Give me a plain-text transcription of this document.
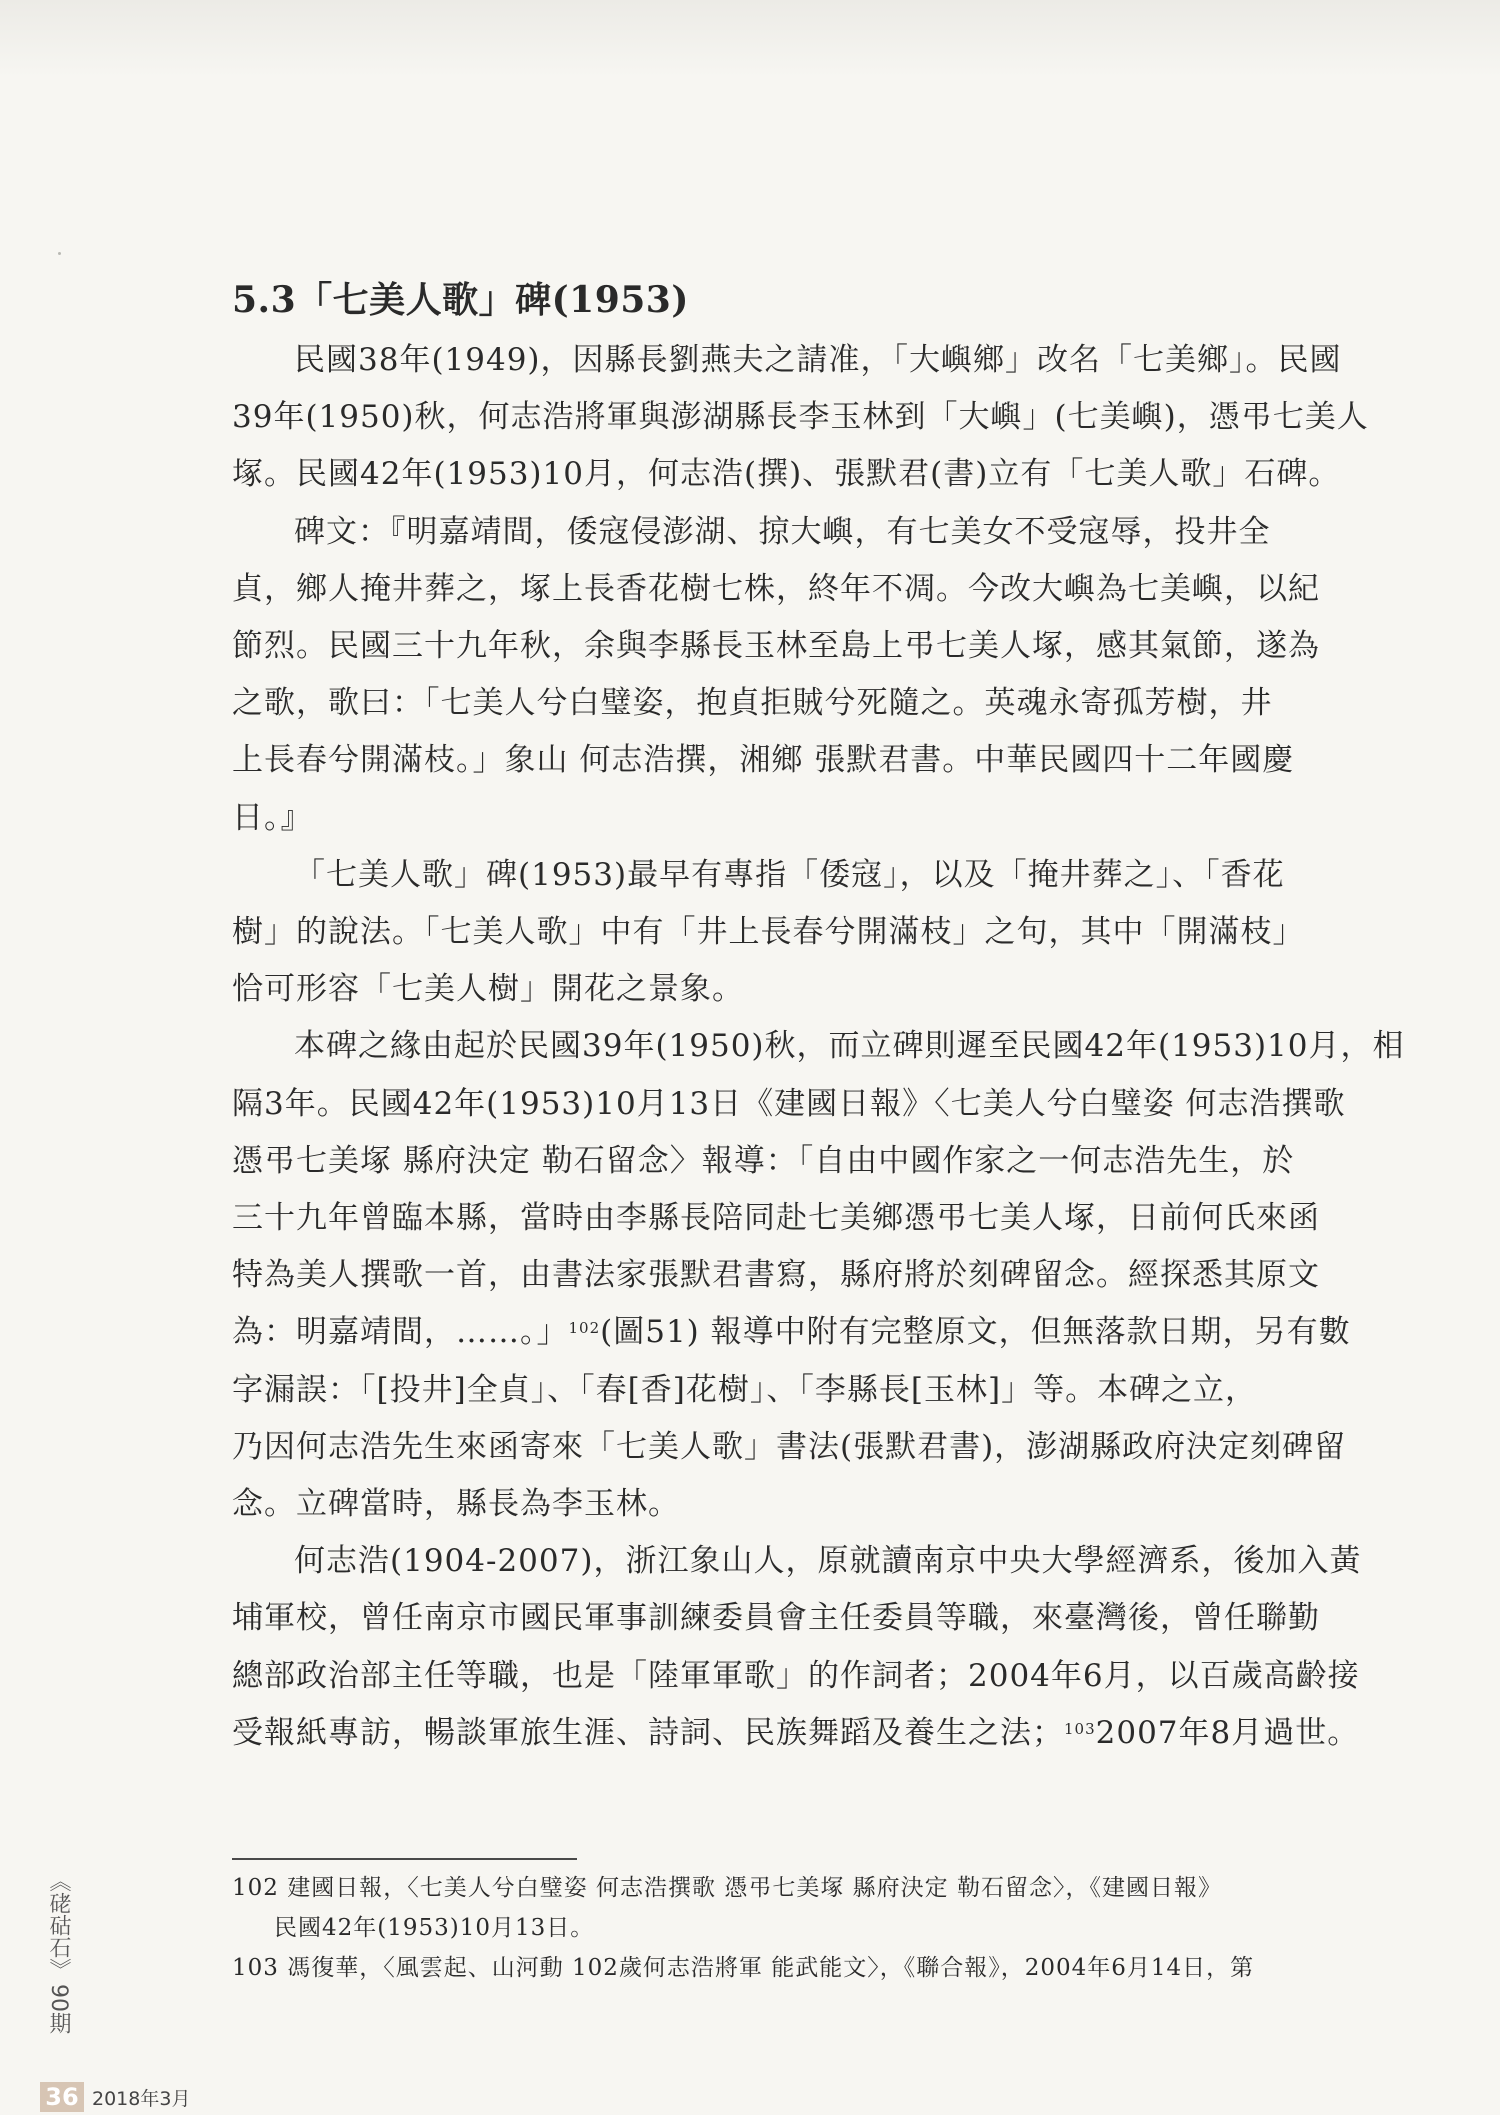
5.3「七美人歌」碑(1953)

民國38年(1949)，因縣長劉燕夫之請准，「大嶼鄉」改名「七美鄉」。民國
39年(1950)秋，何志浩將軍與澎湖縣長李玉林到「大嶼」(七美嶼)，憑弔七美人
塚。民國42年(1953)10月，何志浩(撰)、張默君(書)立有「七美人歌」石碑。

碑文：『明嘉靖間，倭寇侵澎湖、掠大嶼，有七美女不受寇辱，投井全
貞，鄉人掩井葬之，塚上長香花樹七株，終年不凋。今改大嶼為七美嶼，以紀
節烈。民國三十九年秋，余與李縣長玉林至島上弔七美人塚，感其氣節，遂為
之歌，歌曰：「七美人兮白璧姿，抱貞拒賊兮死隨之。英魂永寄孤芳樹，井
上長春兮開滿枝。」象山 何志浩撰，湘鄉 張默君書。中華民國四十二年國慶
日。』

「七美人歌」碑(1953)最早有專指「倭寇」，以及「掩井葬之」、「香花
樹」的說法。「七美人歌」中有「井上長春兮開滿枝」之句，其中「開滿枝」
恰可形容「七美人樹」開花之景象。

本碑之緣由起於民國39年(1950)秋，而立碑則遲至民國42年(1953)10月，相
隔3年。民國42年(1953)10月13日《建國日報》〈七美人兮白璧姿 何志浩撰歌
憑弔七美塚 縣府決定 勒石留念〉報導：「自由中國作家之一何志浩先生，於
三十九年曾臨本縣，當時由李縣長陪同赴七美鄉憑弔七美人塚，日前何氏來函
特為美人撰歌一首，由書法家張默君書寫，縣府將於刻碑留念。經探悉其原文
為：明嘉靖間，……。」$^{102}$(圖51) 報導中附有完整原文，但無落款日期，另有數
字漏誤：「[投井]全貞」、「春[香]花樹」、「李縣長[玉林]」等。本碑之立，
乃因何志浩先生來函寄來「七美人歌」書法(張默君書)，澎湖縣政府決定刻碑留
念。立碑當時，縣長為李玉林。

何志浩(1904-2007)，浙江象山人，原就讀南京中央大學經濟系，後加入黃
埔軍校，曾任南京市國民軍事訓練委員會主任委員等職，來臺灣後，曾任聯勤
總部政治部主任等職，也是「陸軍軍歌」的作詞者；2004年6月，以百歲高齡接
受報紙專訪，暢談軍旅生涯、詩詞、民族舞蹈及養生之法；$^{103}$2007年8月過世。

102 建國日報，〈七美人兮白璧姿 何志浩撰歌 憑弔七美塚 縣府決定 勒石留念〉，《建國日報》

民國42年(1953)10月13日。

103 馮復華，〈風雲起、山河動 102歲何志浩將軍 能武能文〉，《聯合報》，2004年6月14日，第

《硓𥑮石》
90期
36 2018年3月
